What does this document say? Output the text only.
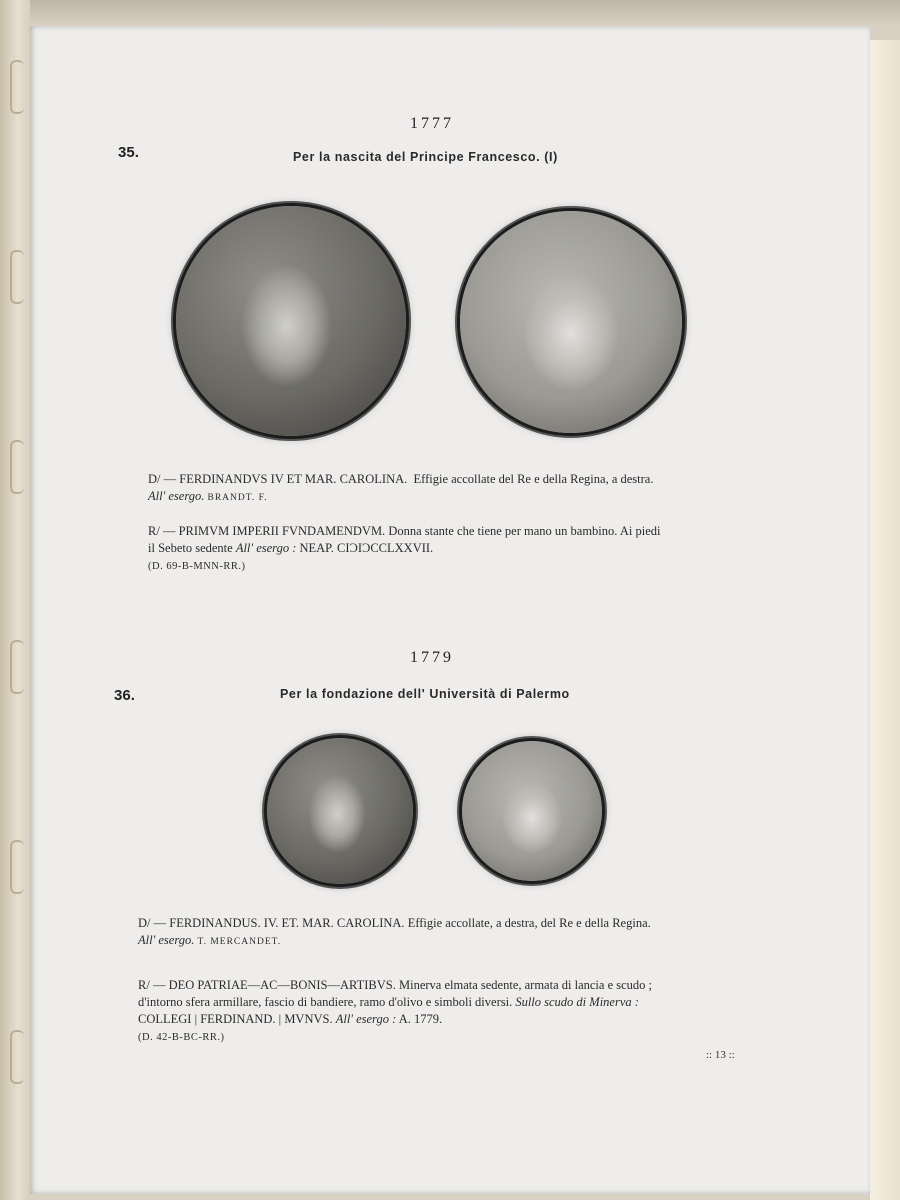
1777
35.	Per la nascita del Principe Francesco. (I)
D/ — FERDINANDVS IV ET MAR. CAROLINA. Effigie accollate del Re e della Regina, a destra.
All' esergo. BRANDT. F.
R/ — PRIMVM IMPERII FVNDAMENDVM. Donna stante che tiene per mano un bambino. Ai piedi
il Sebeto sedente All' esergo : NEAP. CIƆIƆCCLXXVII.
(D. 69-B-MNN-RR.)
1779
36.	Per la fondazione dell' Università di Palermo
D/ — FERDINANDUS. IV. ET. MAR. CAROLINA. Effigie accollate, a destra, del Re e della Regina.
All' esergo. T. MERCANDET.
R/ — DEO PATRIAE—AC—BONIS—ARTIBVS. Minerva elmata sedente, armata di lancia e scudo ;
d'intorno sfera armillare, fascio di bandiere, ramo d'olivo e simboli diversi. Sullo scudo di Minerva :
COLLEGI | FERDINAND. | MVNVS. All' esergo : A. 1779.
(D. 42-B-BC-RR.)
:: 13 ::
